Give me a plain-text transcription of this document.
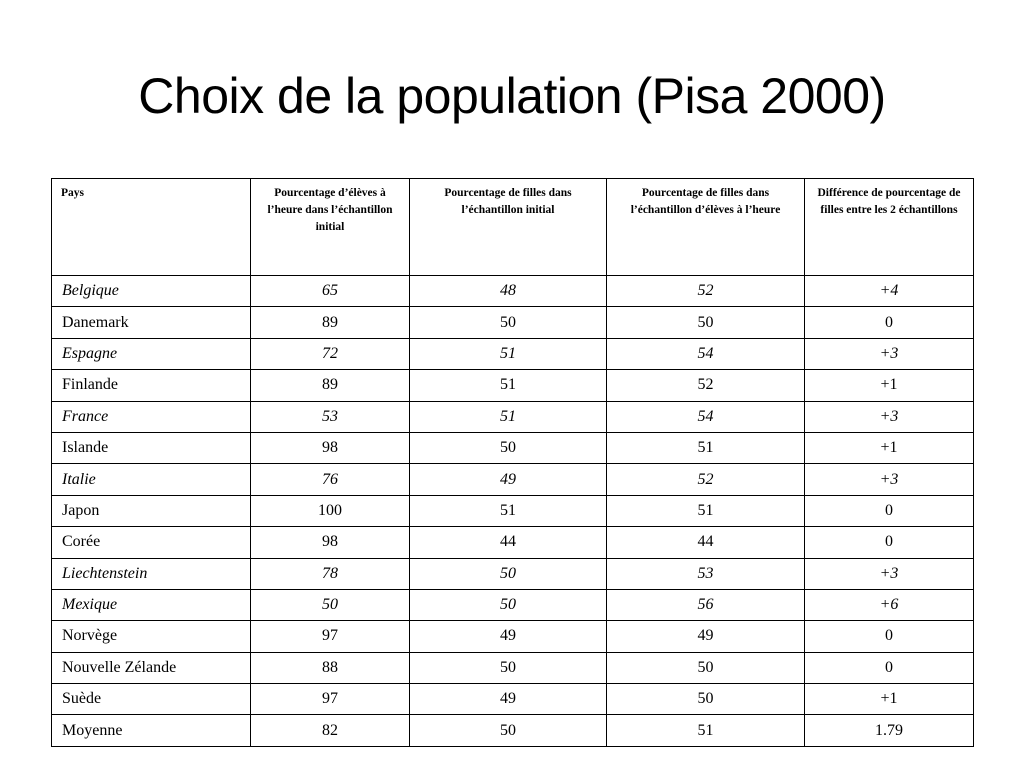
Choix de la population (Pisa 2000)
Pays	Pourcentage d’élèves à l’heure dans l’échantillon initial	Pourcentage de filles dans l’échantillon initial	Pourcentage de filles dans l’échantillon d’élèves à l’heure	Différence de pourcentage de filles entre les 2 échantillons
Belgique	65	48	52	+4
Danemark	89	50	50	0
Espagne	72	51	54	+3
Finlande	89	51	52	+1
France	53	51	54	+3
Islande	98	50	51	+1
Italie	76	49	52	+3
Japon	100	51	51	0
Corée	98	44	44	0
Liechtenstein	78	50	53	+3
Mexique	50	50	56	+6
Norvège	97	49	49	0
Nouvelle Zélande	88	50	50	0
Suède	97	49	50	+1
Moyenne	82	50	51	1.79
